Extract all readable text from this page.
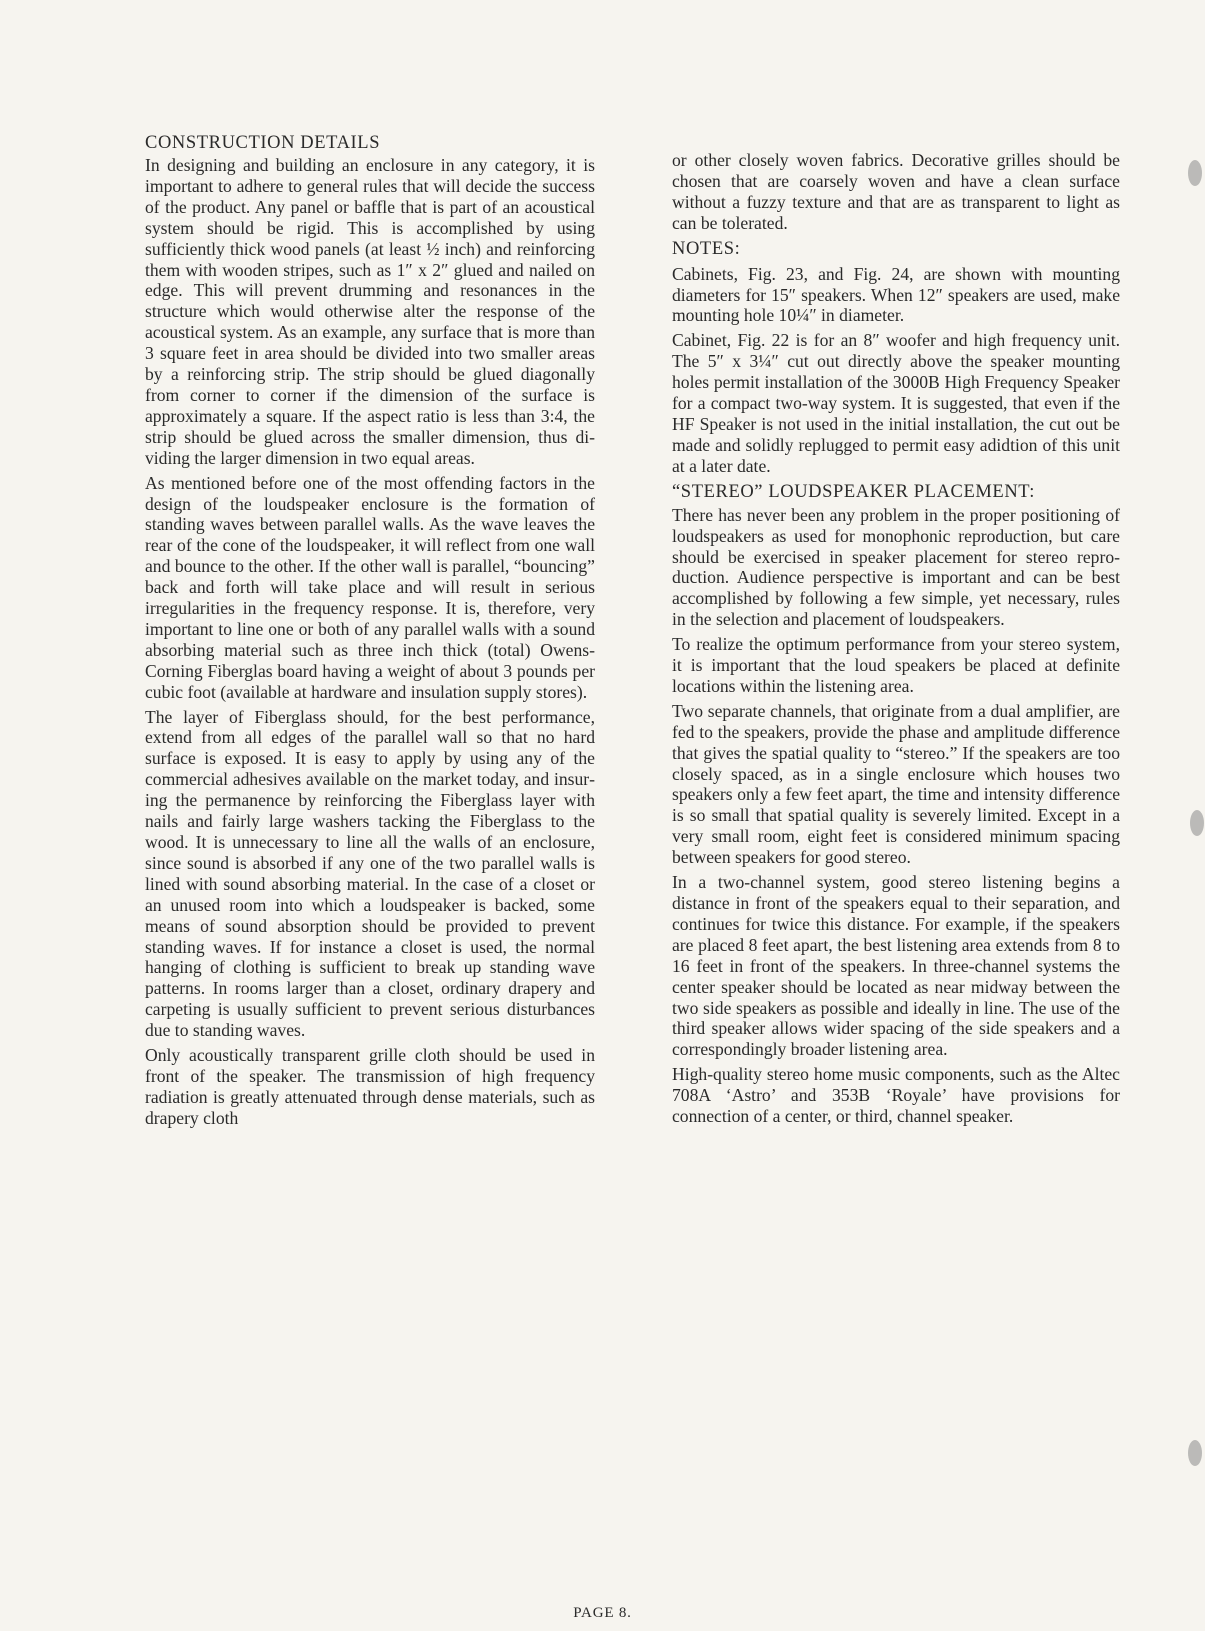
CONSTRUCTION DETAILS

In designing and building an enclosure in any category, it is important to adhere to general rules that will decide the success of the product. Any panel or baffle that is part of an acoustical system should be rigid. This is accomplished by using sufficiently thick wood panels (at least ½ inch) and reinforcing them with wooden stripes, such as 1″ x 2″ glued and nailed on edge. This will prevent drumming and resonances in the structure which would otherwise alter the response of the acoustical system. As an example, any surface that is more than 3 square feet in area should be divided into two smaller areas by a reinforcing strip. The strip should be glued diagonally from corner to corner if the dimension of the surface is approximately a square. If the aspect ratio is less than 3:4, the strip should be glued across the smaller dimension, thus dividing the larger dimension in two equal areas.

As mentioned before one of the most offending factors in the design of the loudspeaker enclosure is the formation of standing waves between parallel walls. As the wave leaves the rear of the cone of the loudspeaker, it will reflect from one wall and bounce to the other. If the other wall is parallel, “bouncing” back and forth will take place and will result in serious irregularities in the frequency response. It is, therefore, very important to line one or both of any parallel walls with a sound absorbing material such as three inch thick (total) Owens-Corning Fiberglas board having a weight of about 3 pounds per cubic foot (available at hardware and insulation supply stores).

The layer of Fiberglass should, for the best performance, extend from all edges of the parallel wall so that no hard surface is exposed. It is easy to apply by using any of the commercial adhesives available on the market today, and insuring the permanence by reinforcing the Fiberglass layer with nails and fairly large washers tacking the Fiberglass to the wood. It is unnecessary to line all the walls of an enclosure, since sound is absorbed if any one of the two parallel walls is lined with sound absorbing material. In the case of a closet or an unused room into which a loudspeaker is backed, some means of sound absorption should be provided to prevent standing waves. If for instance a closet is used, the normal hanging of clothing is sufficient to break up standing wave patterns. In rooms larger than a closet, ordinary drapery and carpeting is usually sufficient to prevent serious disturbances due to standing waves.

Only acoustically transparent grille cloth should be used in front of the speaker. The transmission of high frequency radiation is greatly attenuated through dense materials, such as drapery cloth

or other closely woven fabrics. Decorative grilles should be chosen that are coarsely woven and have a clean surface without a fuzzy texture and that are as transparent to light as can be tolerated.

NOTES:

Cabinets, Fig. 23, and Fig. 24, are shown with mounting diameters for 15″ speakers. When 12″ speakers are used, make mounting hole 10¼″ in diameter.

Cabinet, Fig. 22 is for an 8″ woofer and high frequency unit. The 5″ x 3¼″ cut out directly above the speaker mounting holes permit installation of the 3000B High Frequency Speaker for a compact two-way system. It is suggested, that even if the HF Speaker is not used in the initial installation, the cut out be made and solidly replugged to permit easy adidtion of this unit at a later date.

“STEREO” LOUDSPEAKER PLACEMENT:

There has never been any problem in the proper positioning of loudspeakers as used for monophonic reproduction, but care should be exercised in speaker placement for stereo reproduction. Audience perspective is important and can be best accomplished by following a few simple, yet necessary, rules in the selection and placement of loudspeakers.

To realize the optimum performance from your stereo system, it is important that the loud speakers be placed at definite locations within the listening area.

Two separate channels, that originate from a dual amplifier, are fed to the speakers, provide the phase and amplitude difference that gives the spatial quality to “stereo.” If the speakers are too closely spaced, as in a single enclosure which houses two speakers only a few feet apart, the time and intensity difference is so small that spatial quality is severely limited. Except in a very small room, eight feet is considered minimum spacing between speakers for good stereo.

In a two-channel system, good stereo listening begins a distance in front of the speakers equal to their separation, and continues for twice this distance. For example, if the speakers are placed 8 feet apart, the best listening area extends from 8 to 16 feet in front of the speakers. In three-channel systems the center speaker should be located as near midway between the two side speakers as possible and ideally in line. The use of the third speaker allows wider spacing of the side speakers and a correspondingly broader listening area.

High-quality stereo home music components, such as the Altec 708A ‘Astro’ and 353B ‘Royale’ have provisions for connection of a center, or third, channel speaker.

PAGE 8.
